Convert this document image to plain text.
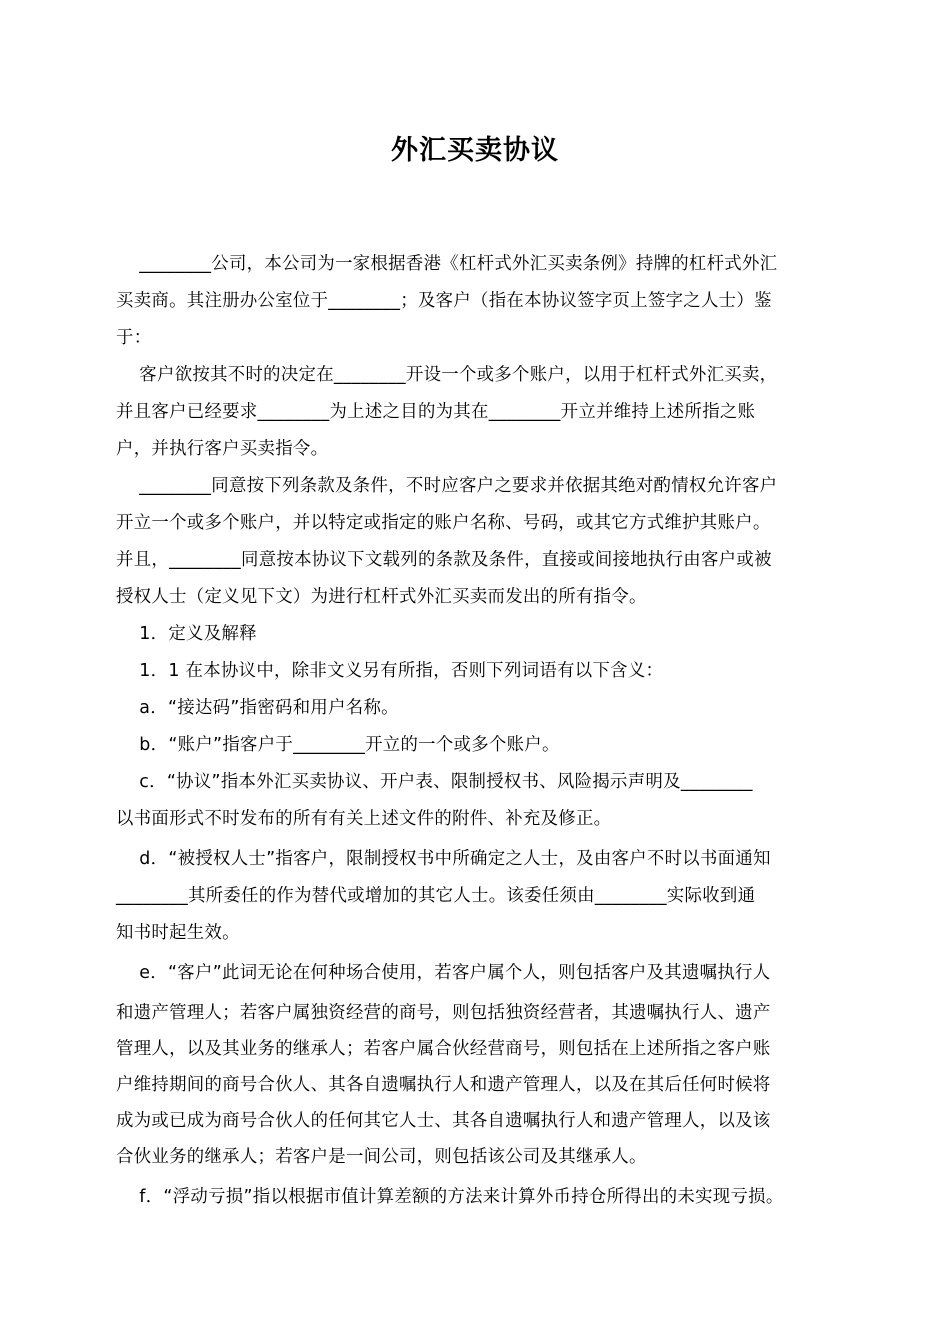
外汇买卖协议
________公司，本公司为一家根据香港《杠杆式外汇买卖条例》持牌的杠杆式外汇
买卖商。其注册办公室位于________；及客户（指在本协议签字页上签字之人士）鉴
于：
客户欲按其不时的决定在________开设一个或多个账户，以用于杠杆式外汇买卖，
并且客户已经要求________为上述之目的为其在________开立并维持上述所指之账
户，并执行客户买卖指令。
________同意按下列条款及条件，不时应客户之要求并依据其绝对酌情权允许客户
开立一个或多个账户，并以特定或指定的账户名称、号码，或其它方式维护其账户。
并且，________同意按本协议下文载列的条款及条件，直接或间接地执行由客户或被
授权人士（定义见下文）为进行杠杆式外汇买卖而发出的所有指令。
1．定义及解释
1．1 在本协议中，除非文义另有所指，否则下列词语有以下含义：
a．“接达码”指密码和用户名称。
b．“账户”指客户于________开立的一个或多个账户。
c．“协议”指本外汇买卖协议、开户表、限制授权书、风险揭示声明及________
以书面形式不时发布的所有有关上述文件的附件、补充及修正。
d．“被授权人士”指客户，限制授权书中所确定之人士，及由客户不时以书面通知
________其所委任的作为替代或增加的其它人士。该委任须由________实际收到通
知书时起生效。
e．“客户”此词无论在何种场合使用，若客户属个人，则包括客户及其遗嘱执行人
和遗产管理人；若客户属独资经营的商号，则包括独资经营者，其遗嘱执行人、遗产
管理人，以及其业务的继承人；若客户属合伙经营商号，则包括在上述所指之客户账
户维持期间的商号合伙人、其各自遗嘱执行人和遗产管理人，以及在其后任何时候将
成为或已成为商号合伙人的任何其它人士、其各自遗嘱执行人和遗产管理人，以及该
合伙业务的继承人；若客户是一间公司，则包括该公司及其继承人。
f．“浮动亏损”指以根据市值计算差额的方法来计算外币持仓所得出的未实现亏损。
